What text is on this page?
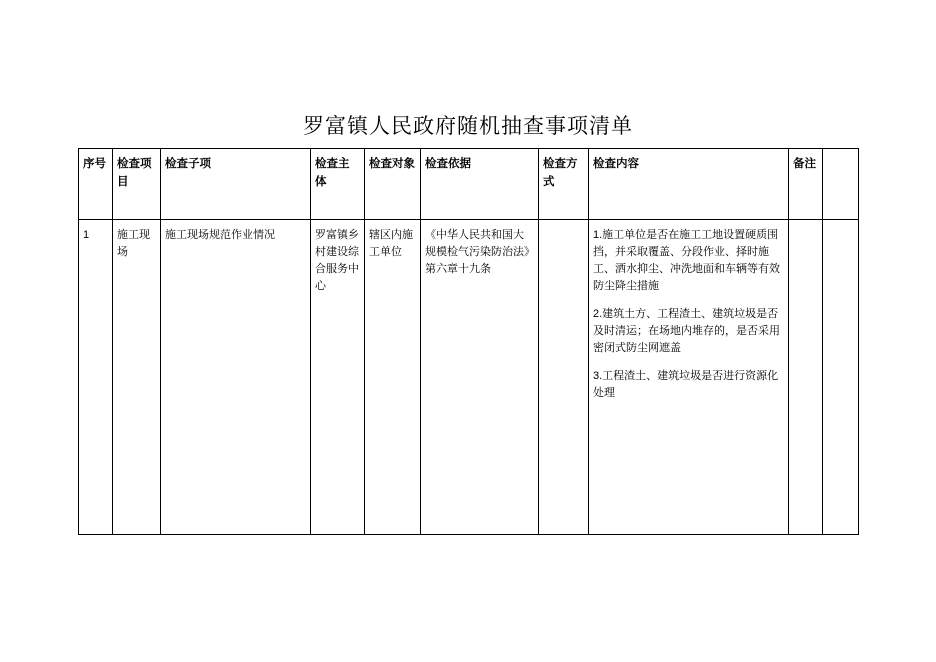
罗富镇人民政府随机抽查事项清单
序号	检查项目	检查子项	检查主体	检查对象	检查依据	检查方式	检查内容	备注	
1	施工现场	施工现场规范作业情况	罗富镇乡村建设综合服务中心	辖区内施工单位	《中华人民共和国大规模检气污染防治法》第六章十九条		1.施工单位是否在施工工地设置硬质围挡，并采取覆盖、分段作业、择时施工、洒水抑尘、冲洗地面和车辆等有效防尘降尘措施

2.建筑土方、工程渣土、建筑垃圾是否及时清运；在场地内堆存的，是否采用密闭式防尘网遮盖

3.工程渣土、建筑垃圾是否进行资源化处理		
